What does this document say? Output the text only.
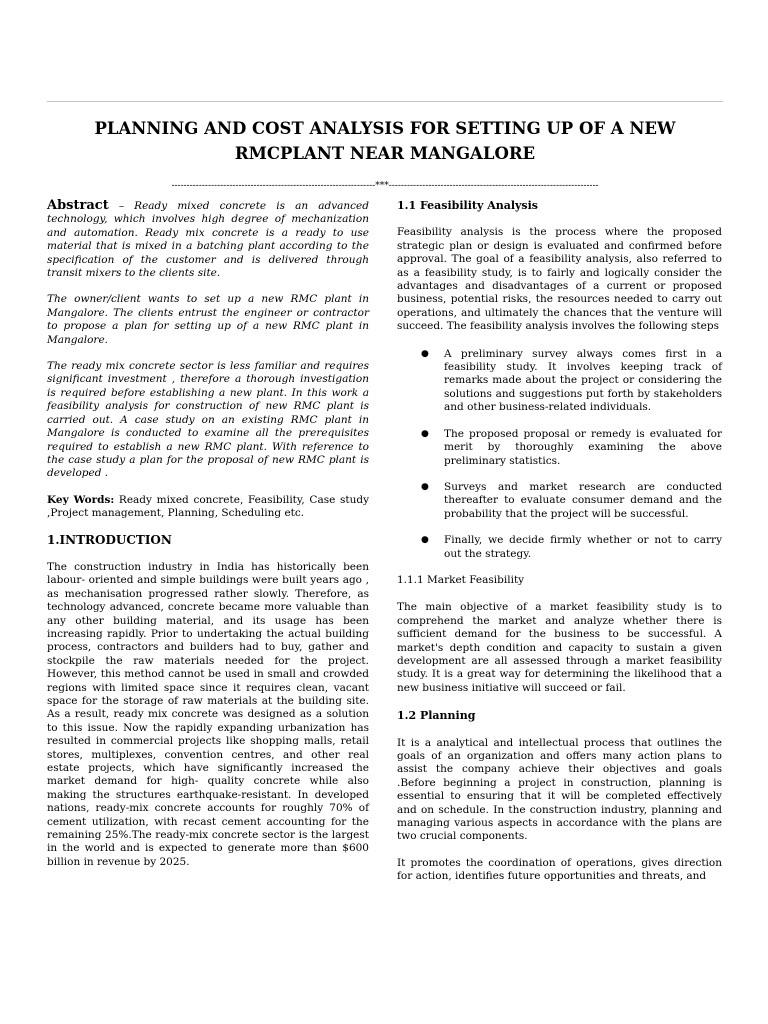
PLANNING AND COST ANALYSIS FOR SETTING UP OF A NEW RMCPLANT NEAR MANGALORE
-------------------------------------------------------------------***---------------------------------------------------------------------

Abstract – Ready mixed concrete is an advanced technology, which involves high degree of mechanization and automation. Ready mix concrete is a ready to use material that is mixed in a batching plant according to the specification of the customer and is delivered through transit mixers to the clients site.

The owner/client wants to set up a new RMC plant in Mangalore. The clients entrust the engineer or contractor to propose a plan for setting up of a new RMC plant in Mangalore.

The ready mix concrete sector is less familiar and requires significant investment , therefore a thorough investigation is required before establishing a new plant. In this work a feasibility analysis for construction of new RMC plant is carried out. A case study on an existing RMC plant in Mangalore is conducted to examine all the prerequisites required to establish a new RMC plant. With reference to the case study a plan for the proposal of new RMC plant is developed .

Key Words: Ready mixed concrete, Feasibility, Case study ,Project management, Planning, Scheduling etc.

1.INTRODUCTION

The construction industry in India has historically been labour- oriented and simple buildings were built years ago , as mechanisation progressed rather slowly. Therefore, as technology advanced, concrete became more valuable than any other building material, and its usage has been increasing rapidly. Prior to undertaking the actual building process, contractors and builders had to buy, gather and stockpile the raw materials needed for the project. However, this method cannot be used in small and crowded regions with limited space since it requires clean, vacant space for the storage of raw materials at the building site. As a result, ready mix concrete was designed as a solution to this issue. Now the rapidly expanding urbanization has resulted in commercial projects like shopping malls, retail stores, multiplexes, convention centres, and other real estate projects, which have significantly increased the market demand for high- quality concrete while also making the structures earthquake-resistant. In developed nations, ready-mix concrete accounts for roughly 70% of cement utilization, with recast cement accounting for the remaining 25%.The ready-mix concrete sector is the largest in the world and is expected to generate more than $600 billion in revenue by 2025.

1.1 Feasibility Analysis

Feasibility analysis is the process where the proposed strategic plan or design is evaluated and confirmed before approval. The goal of a feasibility analysis, also referred to as a feasibility study, is to fairly and logically consider the advantages and disadvantages of a current or proposed business, potential risks, the resources needed to carry out operations, and ultimately the chances that the venture will succeed. The feasibility analysis involves the following steps

● A preliminary survey always comes first in a feasibility study. It involves keeping track of remarks made about the project or considering the solutions and suggestions put forth by stakeholders and other business-related individuals.
● The proposed proposal or remedy is evaluated for merit by thoroughly examining the above preliminary statistics.
● Surveys and market research are conducted thereafter to evaluate consumer demand and the probability that the project will be successful.
● Finally, we decide firmly whether or not to carry out the strategy.
1.1.1 Market Feasibility

The main objective of a market feasibility study is to comprehend the market and analyze whether there is sufficient demand for the business to be successful. A market's depth condition and capacity to sustain a given development are all assessed through a market feasibility study. It is a great way for determining the likelihood that a new business initiative will succeed or fail.

1.2 Planning

It is a analytical and intellectual process that outlines the goals of an organization and offers many action plans to assist the company achieve their objectives and goals .Before beginning a project in construction, planning is essential to ensuring that it will be completed effectively and on schedule. In the construction industry, planning and managing various aspects in accordance with the plans are two crucial components.

It promotes the coordination of operations, gives direction for action, identifies future opportunities and threats, and
